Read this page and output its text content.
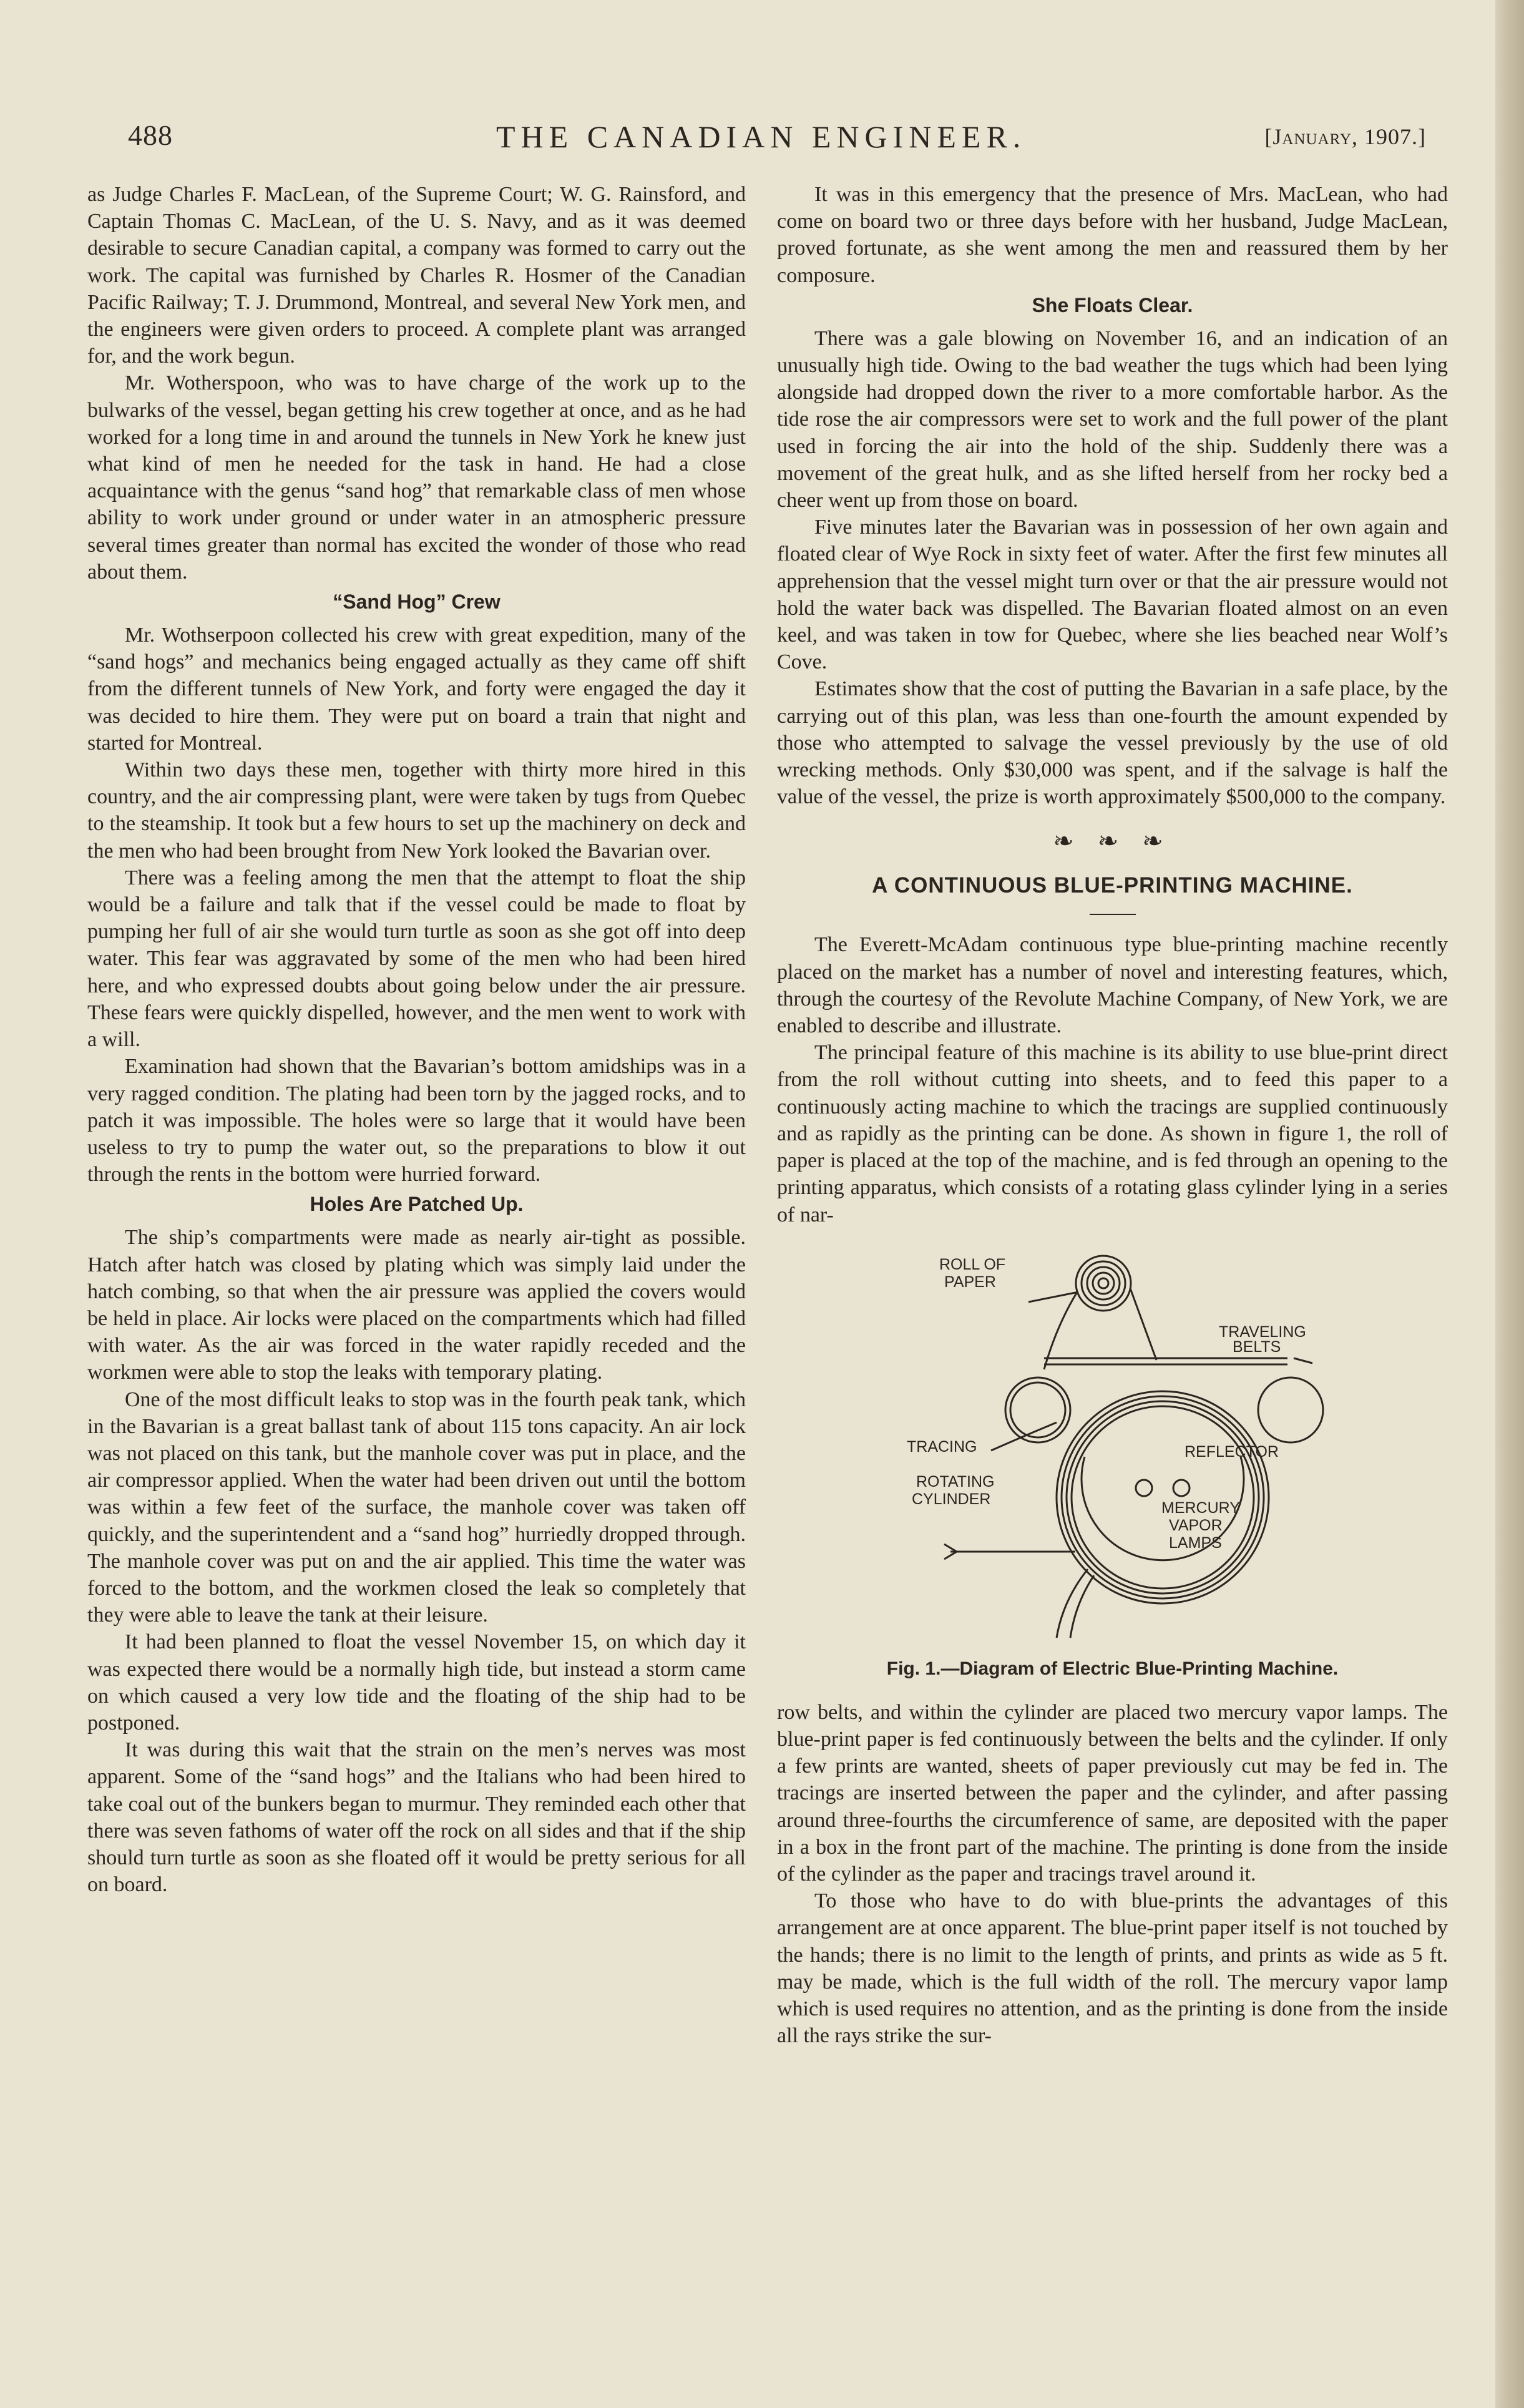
488	THE CANADIAN ENGINEER.	[January, 1907.]

as Judge Charles F. MacLean, of the Supreme Court; W. G. Rainsford, and Captain Thomas C. MacLean, of the U. S. Navy, and as it was deemed desirable to secure Canadian capital, a company was formed to carry out the work. The capital was furnished by Charles R. Hosmer of the Canadian Pacific Railway; T. J. Drummond, Montreal, and several New York men, and the engineers were given orders to proceed. A complete plant was arranged for, and the work begun.

Mr. Wotherspoon, who was to have charge of the work up to the bulwarks of the vessel, began getting his crew together at once, and as he had worked for a long time in and around the tunnels in New York he knew just what kind of men he needed for the task in hand. He had a close acquaintance with the genus “sand hog” that remarkable class of men whose ability to work under ground or under water in an atmospheric pressure several times greater than normal has excited the wonder of those who read about them.

“Sand Hog” Crew

Mr. Wothserpoon collected his crew with great expedition, many of the “sand hogs” and mechanics being engaged actually as they came off shift from the different tunnels of New York, and forty were engaged the day it was decided to hire them. They were put on board a train that night and started for Montreal.

Within two days these men, together with thirty more hired in this country, and the air compressing plant, were were taken by tugs from Quebec to the steamship. It took but a few hours to set up the machinery on deck and the men who had been brought from New York looked the Bavarian over.

There was a feeling among the men that the attempt to float the ship would be a failure and talk that if the vessel could be made to float by pumping her full of air she would turn turtle as soon as she got off into deep water. This fear was aggravated by some of the men who had been hired here, and who expressed doubts about going below under the air pressure. These fears were quickly dispelled, however, and the men went to work with a will.

Examination had shown that the Bavarian’s bottom amidships was in a very ragged condition. The plating had been torn by the jagged rocks, and to patch it was impossible. The holes were so large that it would have been useless to try to pump the water out, so the preparations to blow it out through the rents in the bottom were hurried forward.

Holes Are Patched Up.

The ship’s compartments were made as nearly air-tight as possible. Hatch after hatch was closed by plating which was simply laid under the hatch combing, so that when the air pressure was applied the covers would be held in place. Air locks were placed on the compartments which had filled with water. As the air was forced in the water rapidly receded and the workmen were able to stop the leaks with temporary plating.

One of the most difficult leaks to stop was in the fourth peak tank, which in the Bavarian is a great ballast tank of about 115 tons capacity. An air lock was not placed on this tank, but the manhole cover was put in place, and the air compressor applied. When the water had been driven out until the bottom was within a few feet of the surface, the manhole cover was taken off quickly, and the superintendent and a “sand hog” hurriedly dropped through. The manhole cover was put on and the air applied. This time the water was forced to the bottom, and the workmen closed the leak so completely that they were able to leave the tank at their leisure.

It had been planned to float the vessel November 15, on which day it was expected there would be a normally high tide, but instead a storm came on which caused a very low tide and the floating of the ship had to be postponed.

It was during this wait that the strain on the men’s nerves was most apparent. Some of the “sand hogs” and the Italians who had been hired to take coal out of the bunkers began to murmur. They reminded each other that there was seven fathoms of water off the rock on all sides and that if the ship should turn turtle as soon as she floated off it would be pretty serious for all on board.

It was in this emergency that the presence of Mrs. MacLean, who had come on board two or three days before with her husband, Judge MacLean, proved fortunate, as she went among the men and reassured them by her composure.

She Floats Clear.

There was a gale blowing on November 16, and an indication of an unusually high tide. Owing to the bad weather the tugs which had been lying alongside had dropped down the river to a more comfortable harbor. As the tide rose the air compressors were set to work and the full power of the plant used in forcing the air into the hold of the ship. Suddenly there was a movement of the great hulk, and as she lifted herself from her rocky bed a cheer went up from those on board.

Five minutes later the Bavarian was in possession of her own again and floated clear of Wye Rock in sixty feet of water. After the first few minutes all apprehension that the vessel might turn over or that the air pressure would not hold the water back was dispelled. The Bavarian floated almost on an even keel, and was taken in tow for Quebec, where she lies beached near Wolf’s Cove.

Estimates show that the cost of putting the Bavarian in a safe place, by the carrying out of this plan, was less than one-fourth the amount expended by those who attempted to salvage the vessel previously by the use of old wrecking methods. Only $30,000 was spent, and if the salvage is half the value of the vessel, the prize is worth approximately $500,000 to the company.

❧ ❧ ❧
A CONTINUOUS BLUE-PRINTING MACHINE.

The Everett-McAdam continuous type blue-printing machine recently placed on the market has a number of novel and interesting features, which, through the courtesy of the Revolute Machine Company, of New York, we are enabled to describe and illustrate.

The principal feature of this machine is its ability to use blue-print direct from the roll without cutting into sheets, and to feed this paper to a continuously acting machine to which the tracings are supplied continuously and as rapidly as the printing can be done. As shown in figure 1, the roll of paper is placed at the top of the machine, and is fed through an opening to the printing apparatus, which consists of a rotating glass cylinder lying in a series of nar-

ROLL OF
PAPER
TRAVELING
BELTS
TRACING	REFLECTOR
ROTATING
CYLINDER	MERCURY
VAPOR
LAMPS
Fig. 1.—Diagram of Electric Blue-Printing Machine.

row belts, and within the cylinder are placed two mercury vapor lamps. The blue-print paper is fed continuously between the belts and the cylinder. If only a few prints are wanted, sheets of paper previously cut may be fed in. The tracings are inserted between the paper and the cylinder, and after passing around three-fourths the circumference of same, are deposited with the paper in a box in the front part of the machine. The printing is done from the inside of the cylinder as the paper and tracings travel around it.

To those who have to do with blue-prints the advantages of this arrangement are at once apparent. The blue-print paper itself is not touched by the hands; there is no limit to the length of prints, and prints as wide as 5 ft. may be made, which is the full width of the roll. The mercury vapor lamp which is used requires no attention, and as the printing is done from the inside all the rays strike the sur-
